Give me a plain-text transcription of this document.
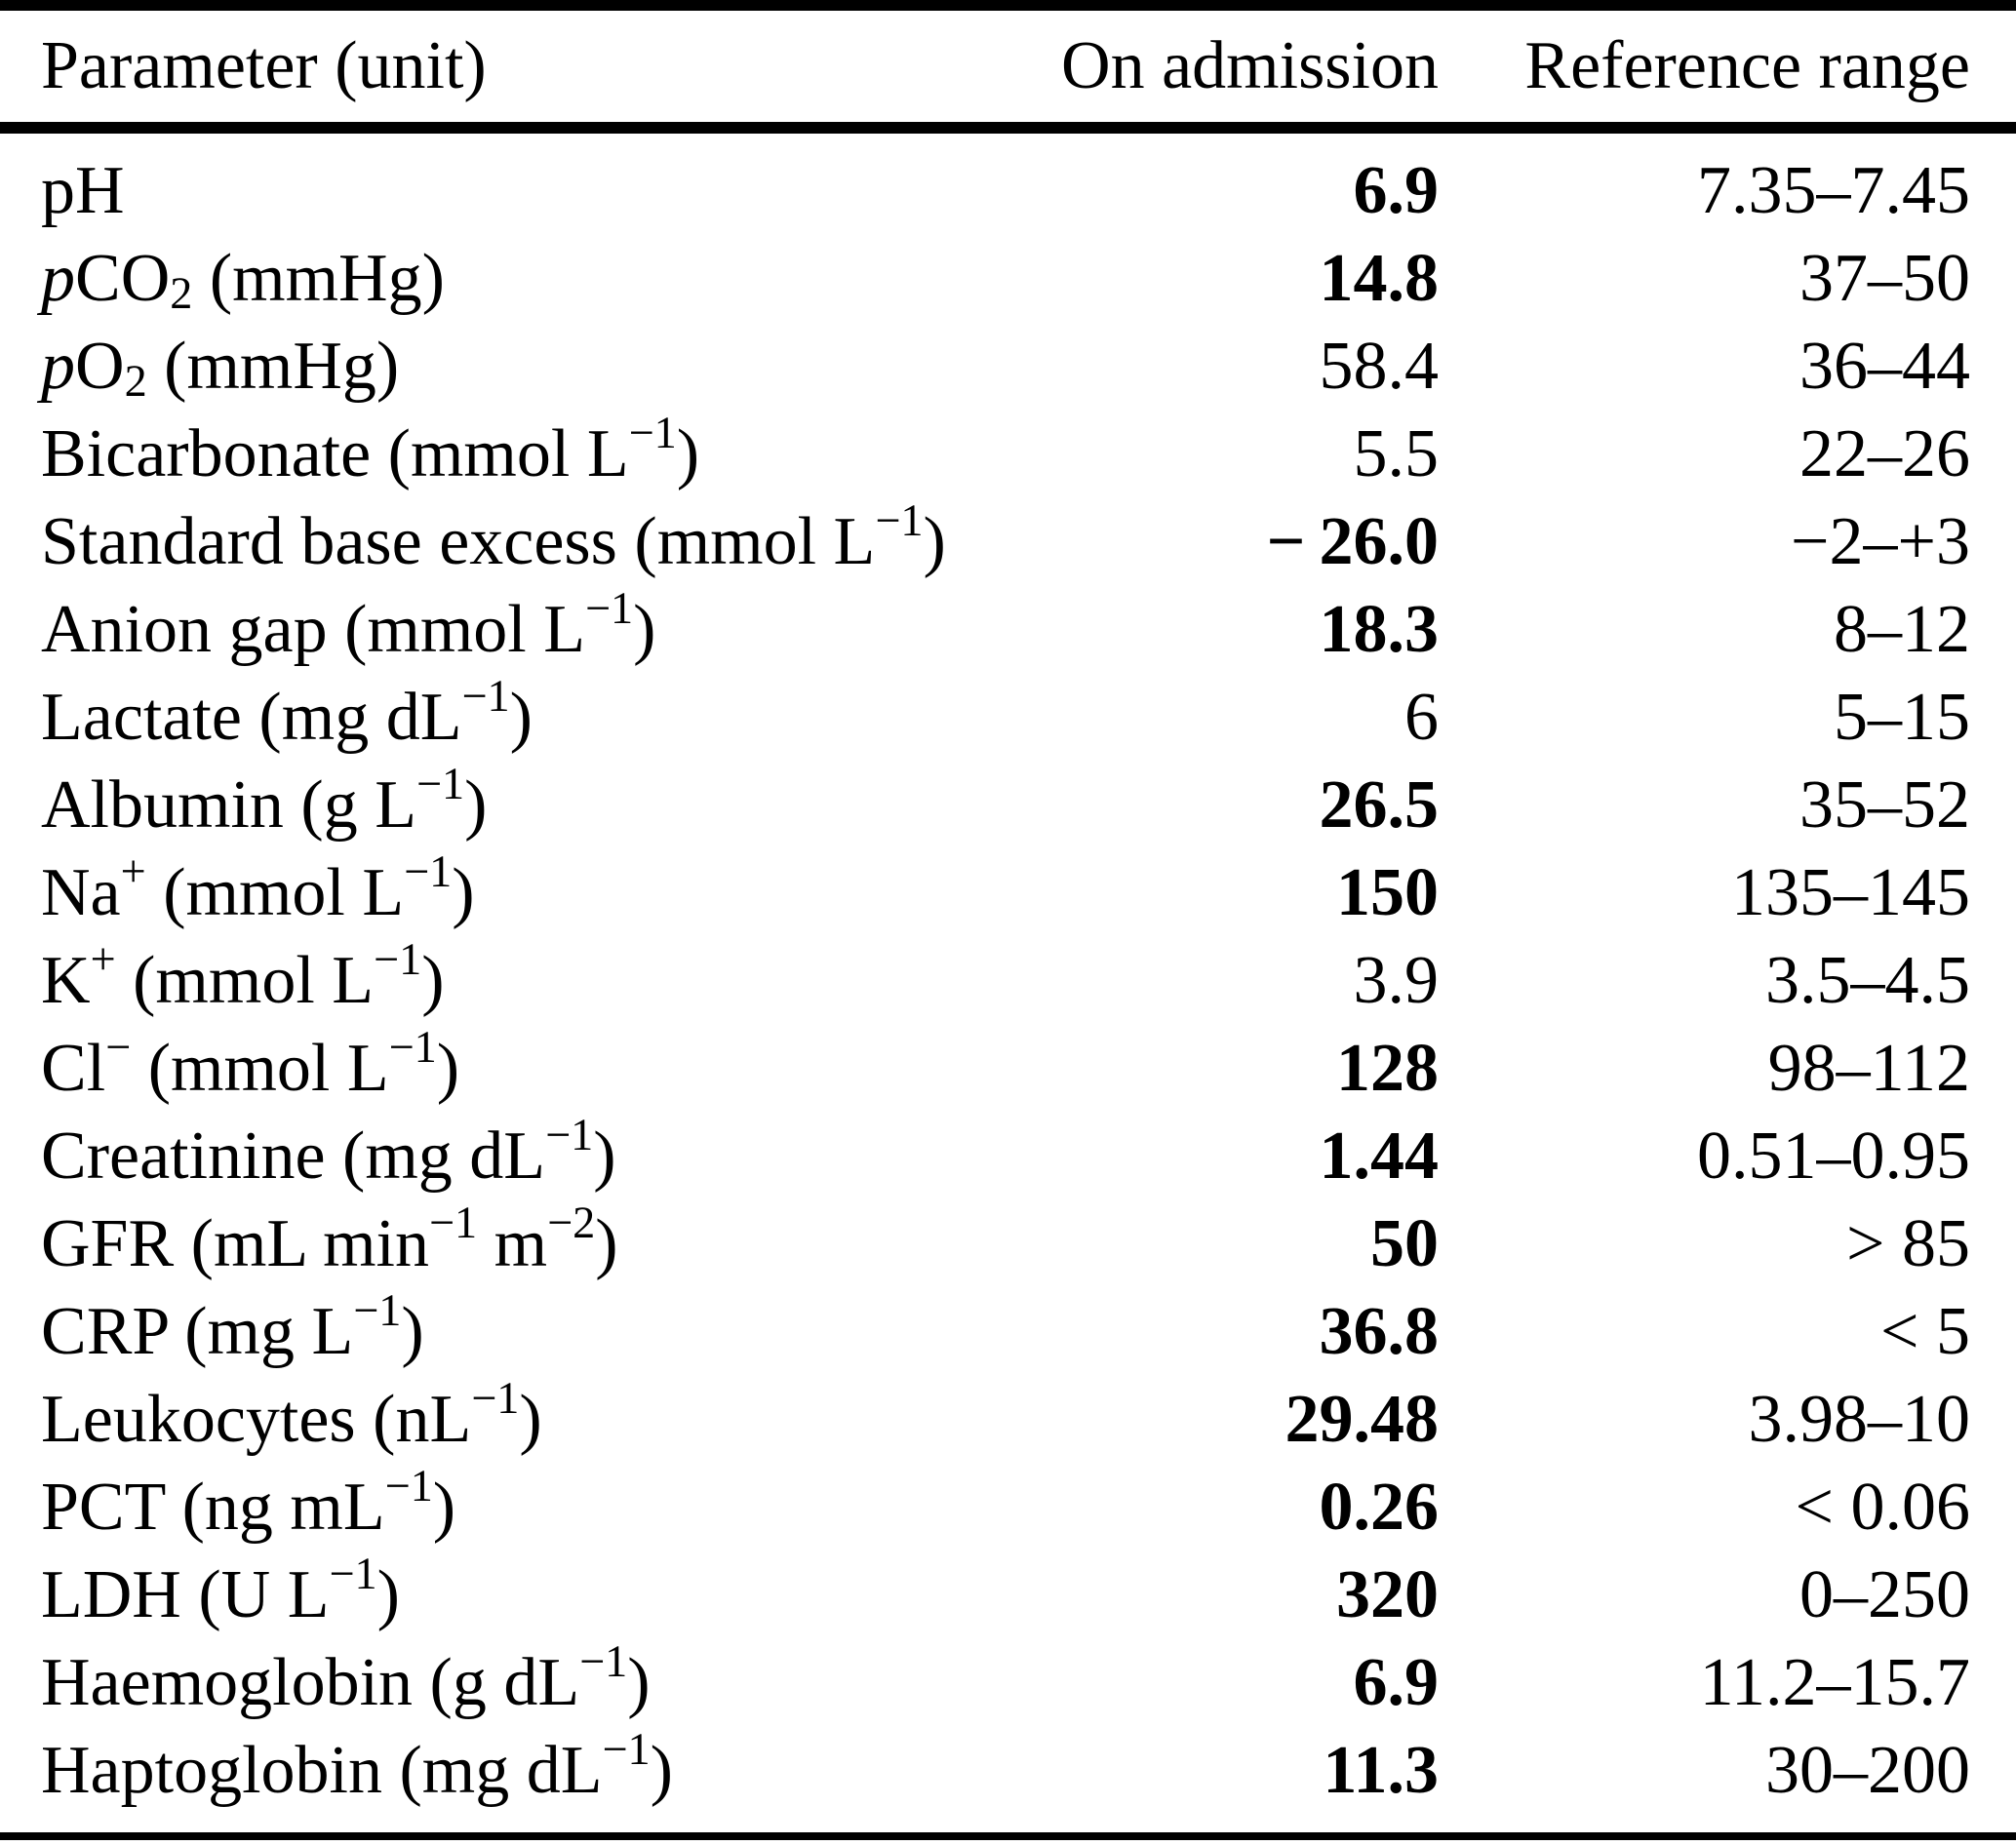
Parameter (unit)	On admission	Reference range
pH	6.9	7.35–7.45
pCO2 (mmHg)	14.8	37–50
pO2 (mmHg)	58.4	36–44
Bicarbonate (mmol $L^{-1}$)	5.5	22–26
Standard base excess (mmol $L^{-1}$)	− 26.0	−2–+3
Anion gap (mmol $L^{-1}$)	18.3	8–12
Lactate (mg $dL^{-1}$)	6	5–15
Albumin (g $L^{-1}$)	26.5	35–52
Na+ (mmol $L^{-1}$)	150	135–145
K+ (mmol $L^{-1}$)	3.9	3.5–4.5
Cl− (mmol $L^{-1}$)	128	98–112
Creatinine (mg $dL^{-1}$)	1.44	0.51–0.95
GFR (mL $\min^{-1} m^{-2}$)	50	> 85
CRP (mg $L^{-1}$)	36.8	< 5
Leukocytes $(nL^{-1})$	29.48	3.98–10
PCT (ng $mL^{-1}$)	0.26	< 0.06
LDH (U $L^{-1}$)	320	0–250
Haemoglobin (g $dL^{-1}$)	6.9	11.2–15.7
Haptoglobin (mg $dL^{-1}$)	11.3	30–200
